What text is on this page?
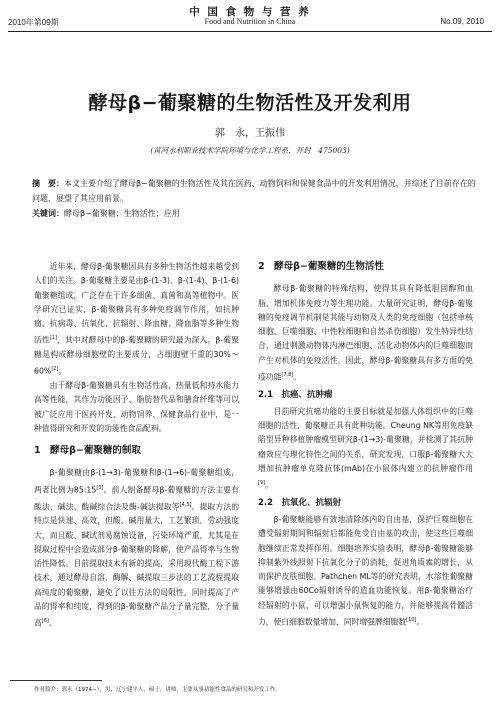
中 国 食 物 与 营 养
2010年第09期	Food and Nutrition in China	No.09, 2010
酵母β−葡聚糖的生物活性及开发利用
郭　永，王振伟
(黄河水利职业技术学院环境与化学工程系，开封　475003)
摘　要：本文主要介绍了酵母β−葡聚糖的生物活性及其在医药、动物饲料和保健食品中的开发利用情况，并综述了目前存在的问题，展望了其应用前景。
关键词：酵母β−葡聚糖；生物活性；应用

近年来，酵母β-葡聚糖因具有多种生物活性越来越受到人们的关注。β-葡聚糖主要是由β-(1-3)、β-(1-4)、β-(1-6)葡聚糖组成，广泛存在于许多细菌、真菌和高等植物中。医学研究已证实，β-葡聚糖具有多种免疫调节作用，如抗肿瘤、抗病毒、抗氧化、抗辐射、降血糖、降血脂等多种生物活性[1]，其中对酵母中的β-葡聚糖的研究最为深入。β-葡聚糖是构成酵母细胞壁的主要成分，占细胞壁干重的30%～60%[2]。

由于酵母β-葡聚糖具有生物活性高、热量低和持水能力高等性能，其作为功能因子、脂肪替代品和膳食纤维等可以被广泛应用于医药开发、动物饲养、保健食品行业中，是一种值得研究和开发的功能性食品配料。

1　酵母β−葡聚糖的制取

β-葡聚糖由β-(1→3)-葡聚糖和β-(1→6)-葡聚糖组成，两者比例为85:15[3]。前人制备酵母β-葡聚糖的方法主要有酸法、碱法、酸碱综合法及酶-碱法提取等[4,5]。提取方法的特点是快速、高效，但酸、碱用量大，工艺繁琐，劳动强度大，而且酸、碱试剂易腐蚀设备，污染环境严重，尤其是在提取过程中会造成部分β-葡聚糖的降解，使产品得率与生物活性降低。目前提取技术有新的提高，采用现代酶工程下游技术，通过酵母自溶、酶解、碱提取三步法的工艺流程提取高纯度的葡聚糖，避免了以往方法的局限性，同时提高了产品的得率和纯度，得到的β-葡聚糖产品分子量完整，分子量高[6]。

2　酵母β−葡聚糖的生物活性

酵母β-葡聚糖的特殊结构，使得其具有降低胆固醇和血脂、增加机体免疫力等生理功能。大量研究证明，酵母β-葡聚糖的免疫调节机制是其能与动物及人类的免疫细胞（包括单核细胞、巨噬细胞、中性粒细胞和自然杀伤细胞）发生特异性结合，通过刺激动物体内淋巴细胞、活化动物体内的巨噬细胞而产生对机体的免疫活性。因此，酵母β-葡聚糖具有多方面的免疫功能[7,8]。

2.1　抗癌、抗肿瘤

目前研究抗癌功能的主要目标就是加强人体组织中的巨噬细胞的活性，葡聚糖正具有此种功能。Cheung NK等用免疫缺陷型异种移植肿瘤模型研究β-(1→3)-葡聚糖，并检测了其抗肿瘤效应与理化特性之间的关系，研究发现，口服β-葡聚糖大大增加抗肿瘤单克隆抗体(mAb)在小鼠体内建立的抗肿瘤作用[9]。

2.2　抗氧化、抗辐射

β-葡聚糖能够有效地清除体内的自由基，保护巨噬细胞在遭受辐射期间和辐射后都能免受自由基的攻击，使这些巨噬细胞继续正常发挥作用。细胞培养实验表明，酵母β-葡聚糖能够抑制紫外线照射下抗氧化分子的消耗，促进角质素的增长，从而保护皮肤细胞。Pathchen ML等的研究表明，水溶性葡聚糖能够增强由60Co辐射诱导的造血功能恢复。用β-葡聚糖治疗经辐射的小鼠，可以增强小鼠恢复的能力，并能够提高骨髓活力，使白细胞数量增加，同时增强脾细胞数[10]。

作者简介：郭永（1974−），男，辽宁建平人，硕士，讲师，主要从事功能性食品的研究和开发工作。
